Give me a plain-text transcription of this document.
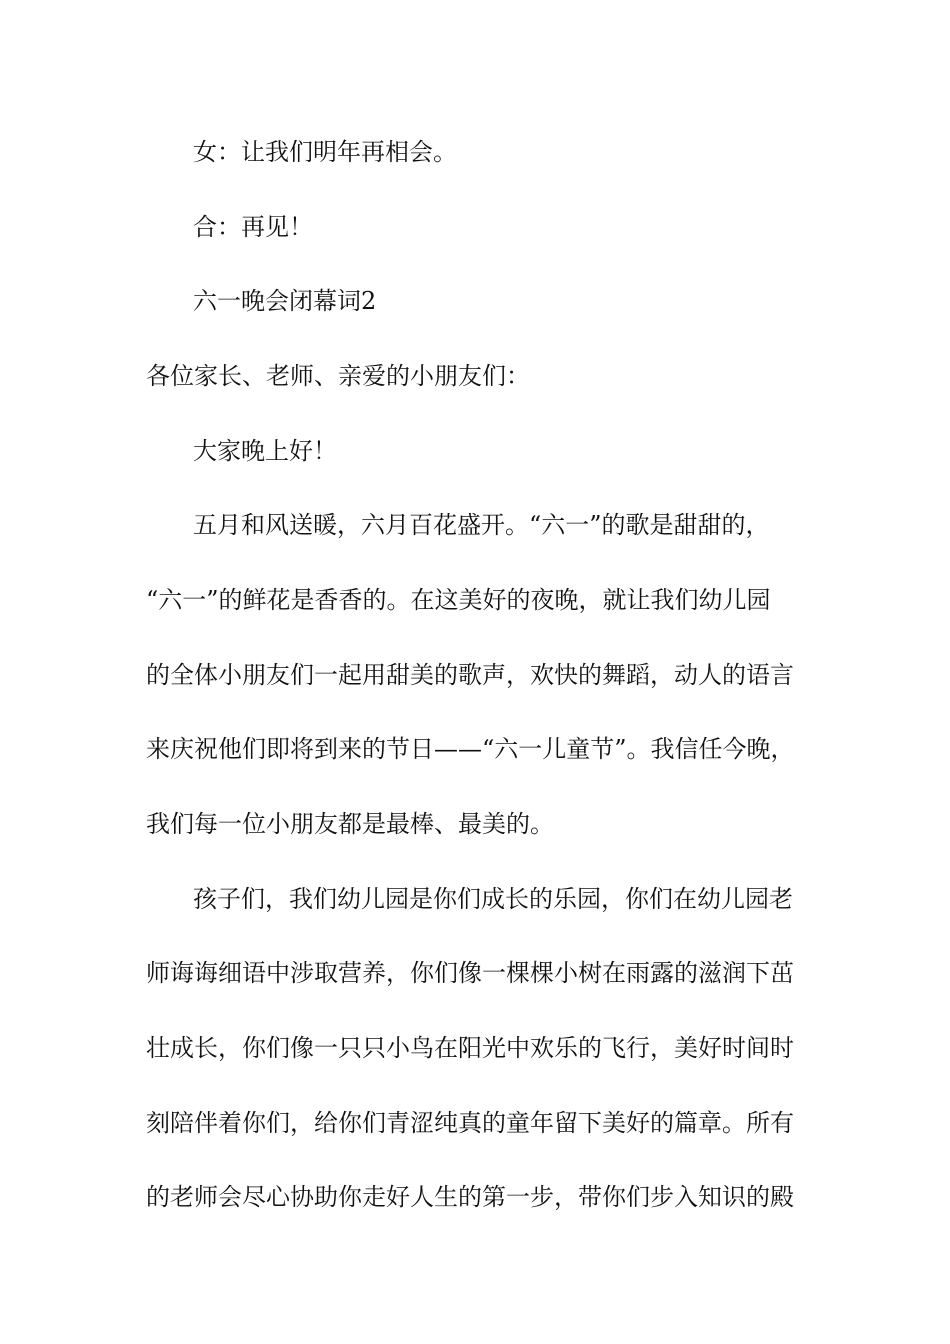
女：让我们明年再相会。
合：再见！
六一晚会闭幕词2
各位家长、老师、亲爱的小朋友们：
大家晚上好！
五月和风送暖，六月百花盛开。“六一”的歌是甜甜的，
“六一”的鲜花是香香的。在这美好的夜晚，就让我们幼儿园
的全体小朋友们一起用甜美的歌声，欢快的舞蹈，动人的语言
来庆祝他们即将到来的节日——“六一儿童节”。我信任今晚，
我们每一位小朋友都是最棒、最美的。
孩子们，我们幼儿园是你们成长的乐园，你们在幼儿园老
师诲诲细语中涉取营养，你们像一棵棵小树在雨露的滋润下茁
壮成长，你们像一只只小鸟在阳光中欢乐的飞行，美好时间时
刻陪伴着你们，给你们青涩纯真的童年留下美好的篇章。所有
的老师会尽心协助你走好人生的第一步，带你们步入知识的殿
